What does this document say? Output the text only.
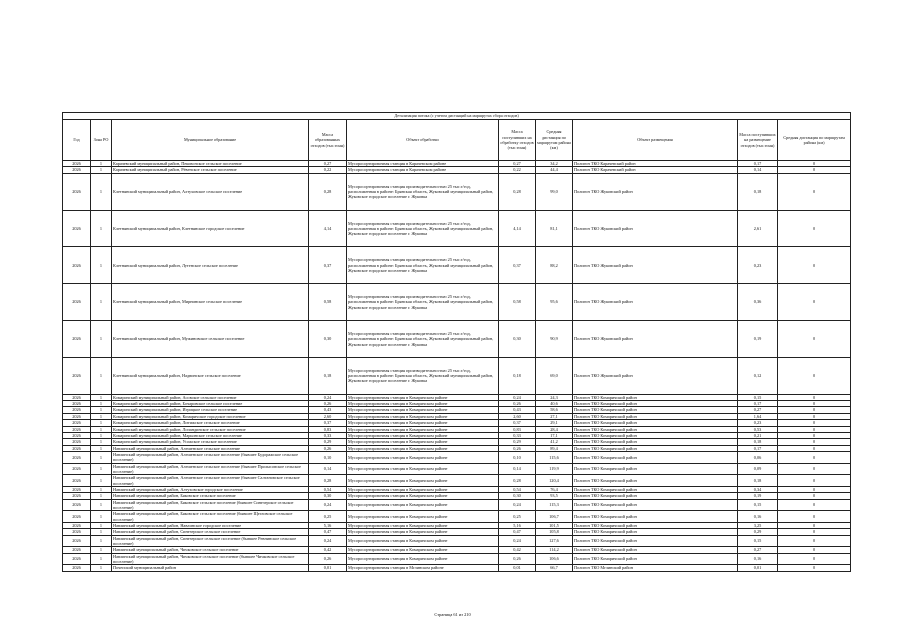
Детализация потока (с учетом дистанций на маршрутах сбора отходов)									
Год	Зона РО	Муниципальное образование	Масса образованных отходов (тыс.тонн)	Объект обработки	Масса поступивших на обработку отходов (тыс.тонн)	Средняя дистанция по маршрутам района (км)	Объект размещения	Масса поступивших на размещение отходов (тыс.тонн)	Средняя дистанция по маршрутам района (км)
2026	1	Карачевский муниципальный район, Пековонское сельское поселение	0,27	Мусоросортировочная станция в Карачевском районе	0,27	34,2	Полигон ТКО Карачевский район	0,17	0
2026	1	Карачевский муниципальный район, Рёвенское сельское поселение	0,22	Мусоросортировочная станция в Карачевском районе	0,22	44,4	Полигон ТКО Карачевский район	0,14	0
2026	1	Клетнянский муниципальный район, Алтуховское сельское поселение	0,28	Мусоросортировочная станция производительностью 25 тыс.т/год, расположенная в районе: Брянская область, Жуковский муниципальный район, Жуковское городское поселение г. Жуковка	0,28	99,0	Полигон ТКО Жуковский район	0,18	0
2026	1	Клетнянский муниципальный район, Клетнянское городское поселение	4,14	Мусоросортировочная станция производительностью 25 тыс.т/год, расположенная в районе: Брянская область, Жуковский муниципальный район, Жуковское городское поселение г. Жуковка	4,14	81,1	Полигон ТКО Жуковский район	2,61	0
2026	1	Клетнянский муниципальный район, Лутенское сельское поселение	0,37	Мусоросортировочная станция производительностью 25 тыс.т/год, расположенная в районе: Брянская область, Жуковский муниципальный район, Жуковское городское поселение г. Жуковка	0,37	88,2	Полигон ТКО Жуковский район	0,23	0
2026	1	Клетнянский муниципальный район, Мирнинское сельское поселение	0,58	Мусоросортировочная станция производительностью 25 тыс.т/год, расположенная в районе: Брянская область, Жуковский муниципальный район, Жуковское городское поселение г. Жуковка	0,58	95,6	Полигон ТКО Жуковский район	0,36	0
2026	1	Клетнянский муниципальный район, Мужиновское сельское поселение	0,30	Мусоросортировочная станция производительностью 25 тыс.т/год, расположенная в районе: Брянская область, Жуковский муниципальный район, Жуковское городское поселение г. Жуковка	0,30	90,9	Полигон ТКО Жуковский район	0,19	0
2026	1	Клетнянский муниципальный район, Надвинское сельское поселение	0,18	Мусоросортировочная станция производительностью 25 тыс.т/год, расположенная в районе: Брянская область, Жуковский муниципальный район, Жуковское городское поселение г. Жуковка	0,18	69,0	Полигон ТКО Жуковский район	0,12	0
2026	1	Комаричский муниципальный район, Асовское сельское поселение	0,24	Мусоросортировочная станция в Комаричском районе	0,24	24,3	Полигон ТКО Комаричский район	0,15	0
2026	1	Комаричский муниципальный район, Бочаровское сельское поселение	0,26	Мусоросортировочная станция в Комаричском районе	0,26	40,6	Полигон ТКО Комаричский район	0,17	0
2026	1	Комаричский муниципальный район, Игрицкое сельское поселение	0,43	Мусоросортировочная станция в Комаричском районе	0,43	58,6	Полигон ТКО Комаричский район	0,27	0
2026	1	Комаричский муниципальный район, Комаричское городское поселение	2,60	Мусоросортировочная станция в Комаричском районе	2,60	27,1	Полигон ТКО Комаричский район	1,64	0
2026	1	Комаричский муниципальный район, Литижское сельское поселение	0,37	Мусоросортировочная станция в Комаричском районе	0,37	29,1	Полигон ТКО Комаричский район	0,23	0
2026	1	Комаричский муниципальный район, Лопандинское сельское поселение	0,83	Мусоросортировочная станция в Комаричском районе	0,83	28,4	Полигон ТКО Комаричский район	0,53	0
2026	1	Комаричский муниципальный район, Марьинское сельское поселение	0,33	Мусоросортировочная станция в Комаричском районе	0,33	17,1	Полигон ТКО Комаричский район	0,21	0
2026	1	Комаричский муниципальный район, Усожское сельское поселение	0,29	Мусоросортировочная станция в Комаричском районе	0,29	41,2	Полигон ТКО Комаричский район	0,18	0
2026	1	Навлинский муниципальный район, Алешенское сельское поселение	0,26	Мусоросортировочная станция в Комаричском районе	0,26	89,4	Полигон ТКО Комаричский район	0,17	0
2026	1	Навлинский муниципальный район, Алешенское сельское поселение (бывшее Будоражское сельское поселение)	0,10	Мусоросортировочная станция в Комаричском районе	0,10	115,6	Полигон ТКО Комаричский район	0,06	0
2026	1	Навлинский муниципальный район, Алешенское сельское поселение (бывшее Пролысовское сельское поселение)	0,14	Мусоросортировочная станция в Комаричском районе	0,14	119,9	Полигон ТКО Комаричский район	0,09	0
2026	1	Навлинский муниципальный район, Алешенское сельское поселение (бывшее Салтановское сельское поселение)	0,28	Мусоросортировочная станция в Комаричском районе	0,28	120,4	Полигон ТКО Комаричский район	0,18	0
2026	1	Навлинский муниципальный район, Алтуховское городское поселение	0,54	Мусоросортировочная станция в Комаричском районе	0,54	76,4	Полигон ТКО Комаричский район	0,34	0
2026	1	Навлинский муниципальный район, Бяковское сельское поселение	0,30	Мусоросортировочная станция в Комаричском районе	0,30	93,5	Полигон ТКО Комаричский район	0,19	0
2026	1	Навлинский муниципальный район, Бяковское сельское поселение (бывшее Синезерское сельское поселение)	0,24	Мусоросортировочная станция в Комаричском районе	0,24	115,3	Полигон ТКО Комаричский район	0,15	0
2026	1	Навлинский муниципальный район, Бяковское сельское поселение (бывшее Щегловское сельское поселение)	0,25	Мусоросортировочная станция в Комаричском районе	0,25	106,7	Полигон ТКО Комаричский район	0,16	0
2026	1	Навлинский муниципальный район, Навлинское городское поселение	5,16	Мусоросортировочная станция в Комаричском районе	5,16	101,5	Полигон ТКО Комаричский район	3,25	0
2026	1	Навлинский муниципальный район, Синезерское сельское поселение	0,47	Мусоросортировочная станция в Комаричском районе	0,47	105,8	Полигон ТКО Комаричский район	0,29	0
2026	1	Навлинский муниципальный район, Синезерское сельское поселение (бывшее Ревнинское сельское поселение)	0,24	Мусоросортировочная станция в Комаричском районе	0,24	127,6	Полигон ТКО Комаричский район	0,15	0
2026	1	Навлинский муниципальный район, Чичковское сельское поселение	0,42	Мусоросортировочная станция в Комаричском районе	0,42	114,2	Полигон ТКО Комаричский район	0,27	0
2026	1	Навлинский муниципальный район, Чичковское сельское поселение (бывшее Чичковское сельское поселение)	0,26	Мусоросортировочная станция в Комаричском районе	0,26	106,6	Полигон ТКО Комаричский район	0,16	0
2026	1	Почепский муниципальный район	0,01	Мусоросортировочная станция в Мглинском районе	0,01	66,7	Полигон ТКО Мглинский район	0,01	0
Страница 61 из 210
